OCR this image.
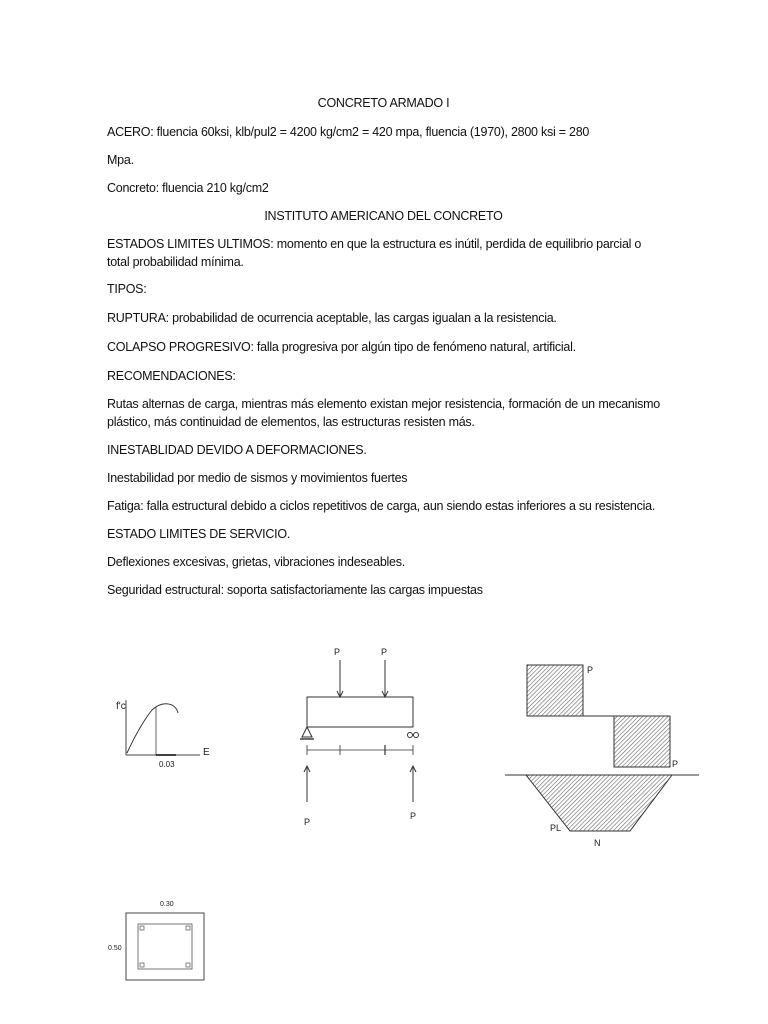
CONCRETO ARMADO I

ACERO: fluencia 60ksi, klb/pul2 = 4200 kg/cm2 = 420 mpa, fluencia (1970), 2800 ksi = 280

Mpa.

Concreto: fluencia 210 kg/cm2

INSTITUTO AMERICANO DEL CONCRETO

ESTADOS LIMITES ULTIMOS: momento en que la estructura es inútil, perdida de equilibrio parcial o total probabilidad mínima.

TIPOS:

RUPTURA: probabilidad de ocurrencia aceptable, las cargas igualan a la resistencia.

COLAPSO PROGRESIVO: falla progresiva por algún tipo de fenómeno natural, artificial.

RECOMENDACIONES:

Rutas alternas de carga, mientras más elemento existan mejor resistencia, formación de un mecanismo plástico, más continuidad de elementos, las estructuras resisten más.

INESTABLIDAD DEVIDO A DEFORMACIONES.

Inestabilidad por medio de sismos y movimientos fuertes

Fatiga: falla estructural debido a ciclos repetitivos de carga, aun siendo estas inferiores a su resistencia.

ESTADO LIMITES DE SERVICIO.

Deflexiones excesivas, grietas, vibraciones indeseables.

Seguridad estructural: soporta satisfactoriamente las cargas impuestas

f'c
E
0.03
P	P
P
P
P
P
PL
N
0.30
0.50
